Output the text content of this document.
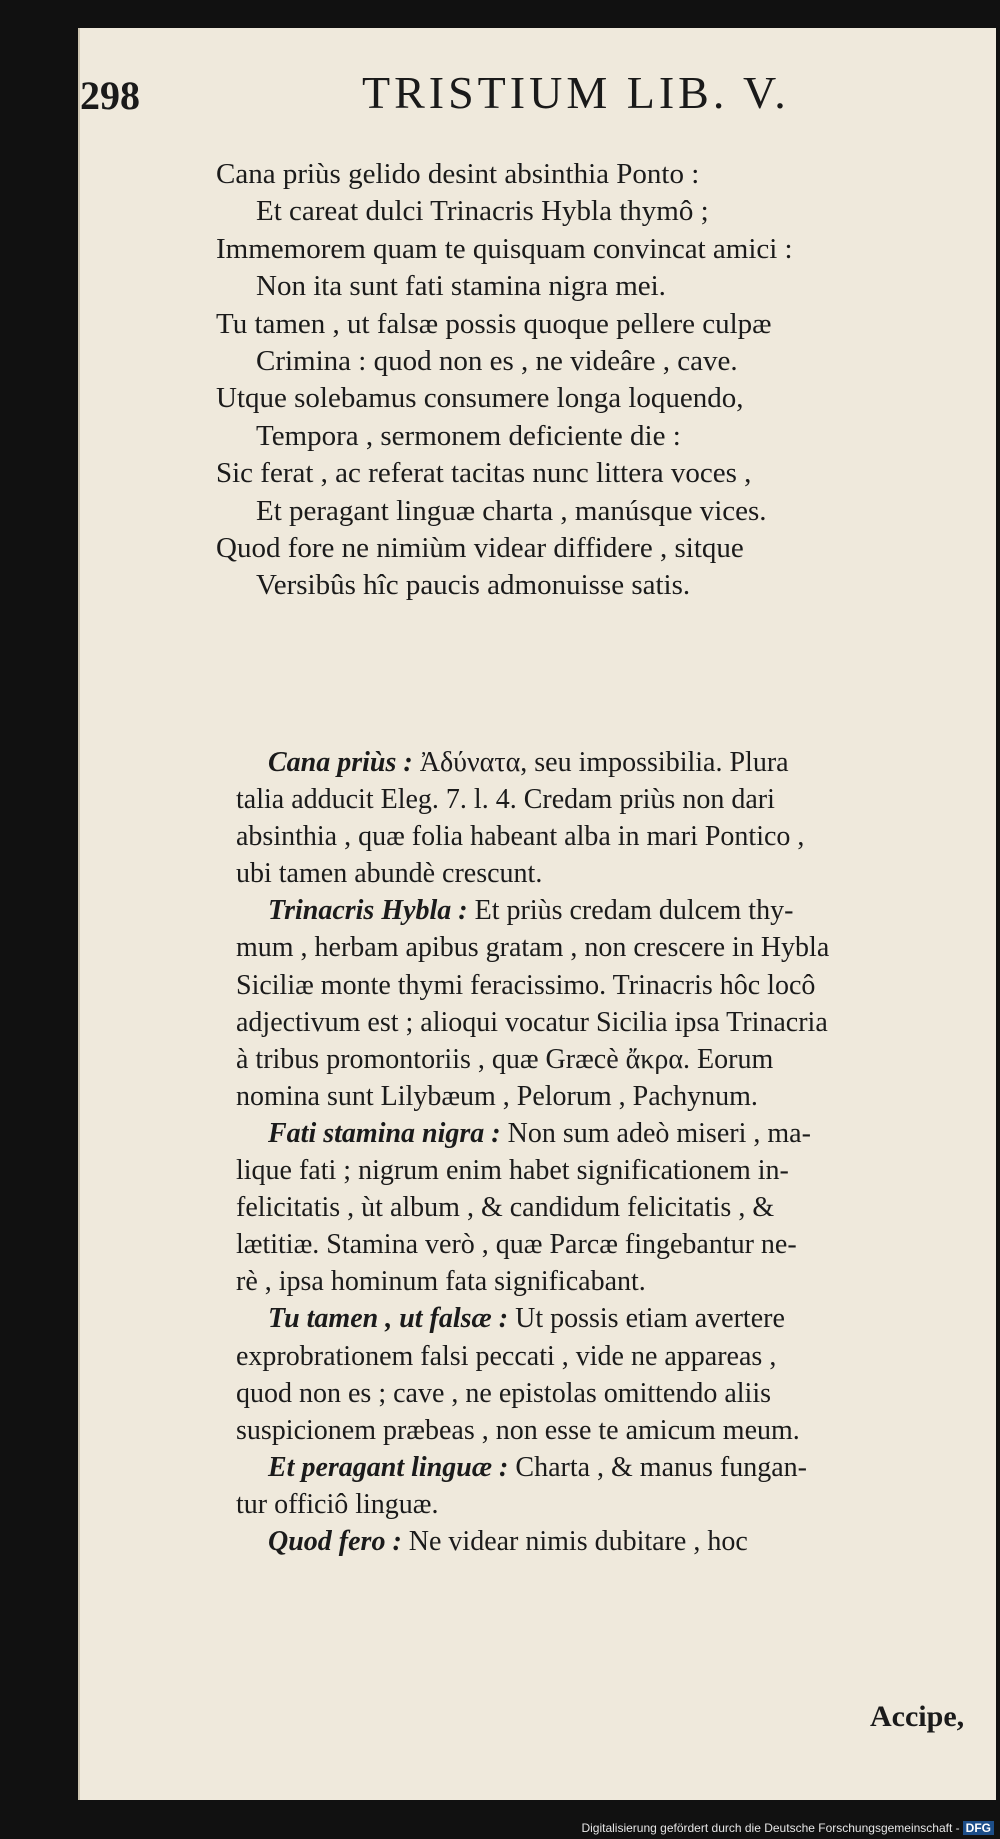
298	TRISTIUM LIB. V.
Cana priùs gelido desint absinthia Ponto :
Et careat dulci Trinacris Hybla thymô ;
Immemorem quam te quisquam convincat amici :
Non ita sunt fati stamina nigra mei.
Tu tamen , ut falsæ possis quoque pellere culpæ
Crimina : quod non es , ne videâre , cave.
Utque solebamus consumere longa loquendo,
Tempora , sermonem deficiente die :
Sic ferat , ac referat tacitas nunc littera voces ,
Et peragant linguæ charta , manúsque vices.
Quod fore ne nimiùm videar diffidere , sitque
Versibûs hîc paucis admonuisse satis.
Cana priùs : Ἀδύνατα, seu impossibilia. Plura
talia adducit Eleg. 7. l. 4. Credam priùs non dari
absinthia , quæ folia habeant alba in mari Pontico ,
ubi tamen abundè crescunt.
Trinacris Hybla : Et priùs credam dulcem thy-
mum , herbam apibus gratam , non crescere in Hybla
Siciliæ monte thymi feracissimo. Trinacris hôc locô
adjectivum est ; alioqui vocatur Sicilia ipsa Trinacria
à tribus promontoriis , quæ Græcè ἄκρα. Eorum
nomina sunt Lilybæum , Pelorum , Pachynum.
Fati stamina nigra : Non sum adeò miseri , ma-
lique fati ; nigrum enim habet significationem in-
felicitatis , ùt album , & candidum felicitatis , &
lætitiæ. Stamina verò , quæ Parcæ fingebantur ne-
rè , ipsa hominum fata significabant.
Tu tamen , ut falsæ : Ut possis etiam avertere
exprobrationem falsi peccati , vide ne appareas ,
quod non es ; cave , ne epistolas omittendo aliis
suspicionem præbeas , non esse te amicum meum.
Et peragant linguæ : Charta , & manus fungan-
tur officiô linguæ.
Quod fero : Ne videar nimis dubitare , hoc
Accipe,
Digitalisierung gefördert durch die Deutsche Forschungsgemeinschaft - DFG
